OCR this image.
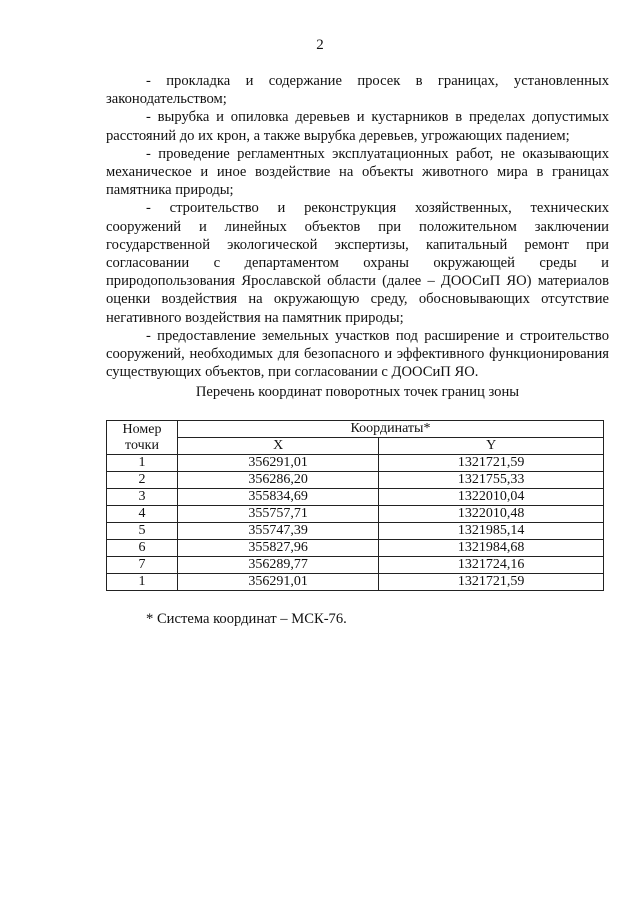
2

- прокладка и содержание просек в границах, установленных законодательством;

- вырубка и опиловка деревьев и кустарников в пределах допустимых расстояний до их крон, а также вырубка деревьев, угрожающих падением;

- проведение регламентных эксплуатационных работ, не оказывающих механическое и иное воздействие на объекты животного мира в границах памятника природы;

- строительство и реконструкция хозяйственных, технических сооружений и линейных объектов при положительном заключении государственной экологической экспертизы, капитальный ремонт при согласовании с департаментом охраны окружающей среды и природопользования Ярославской области (далее – ДООСиП ЯО) материалов оценки воздействия на окружающую среду, обосновывающих отсутствие негативного воздействия на памятник природы;

- предоставление земельных участков под расширение и строительство сооружений, необходимых для безопасного и эффективного функционирования существующих объектов, при согласовании с ДООСиП ЯО.

Перечень координат поворотных точек границ зоны
Номер
точки	Координаты*	
	X	Y
1	356291,01	1321721,59
2	356286,20	1321755,33
3	355834,69	1322010,04
4	355757,71	1322010,48
5	355747,39	1321985,14
6	355827,96	1321984,68
7	356289,77	1321724,16
1	356291,01	1321721,59
* Система координат – МСК-76.
